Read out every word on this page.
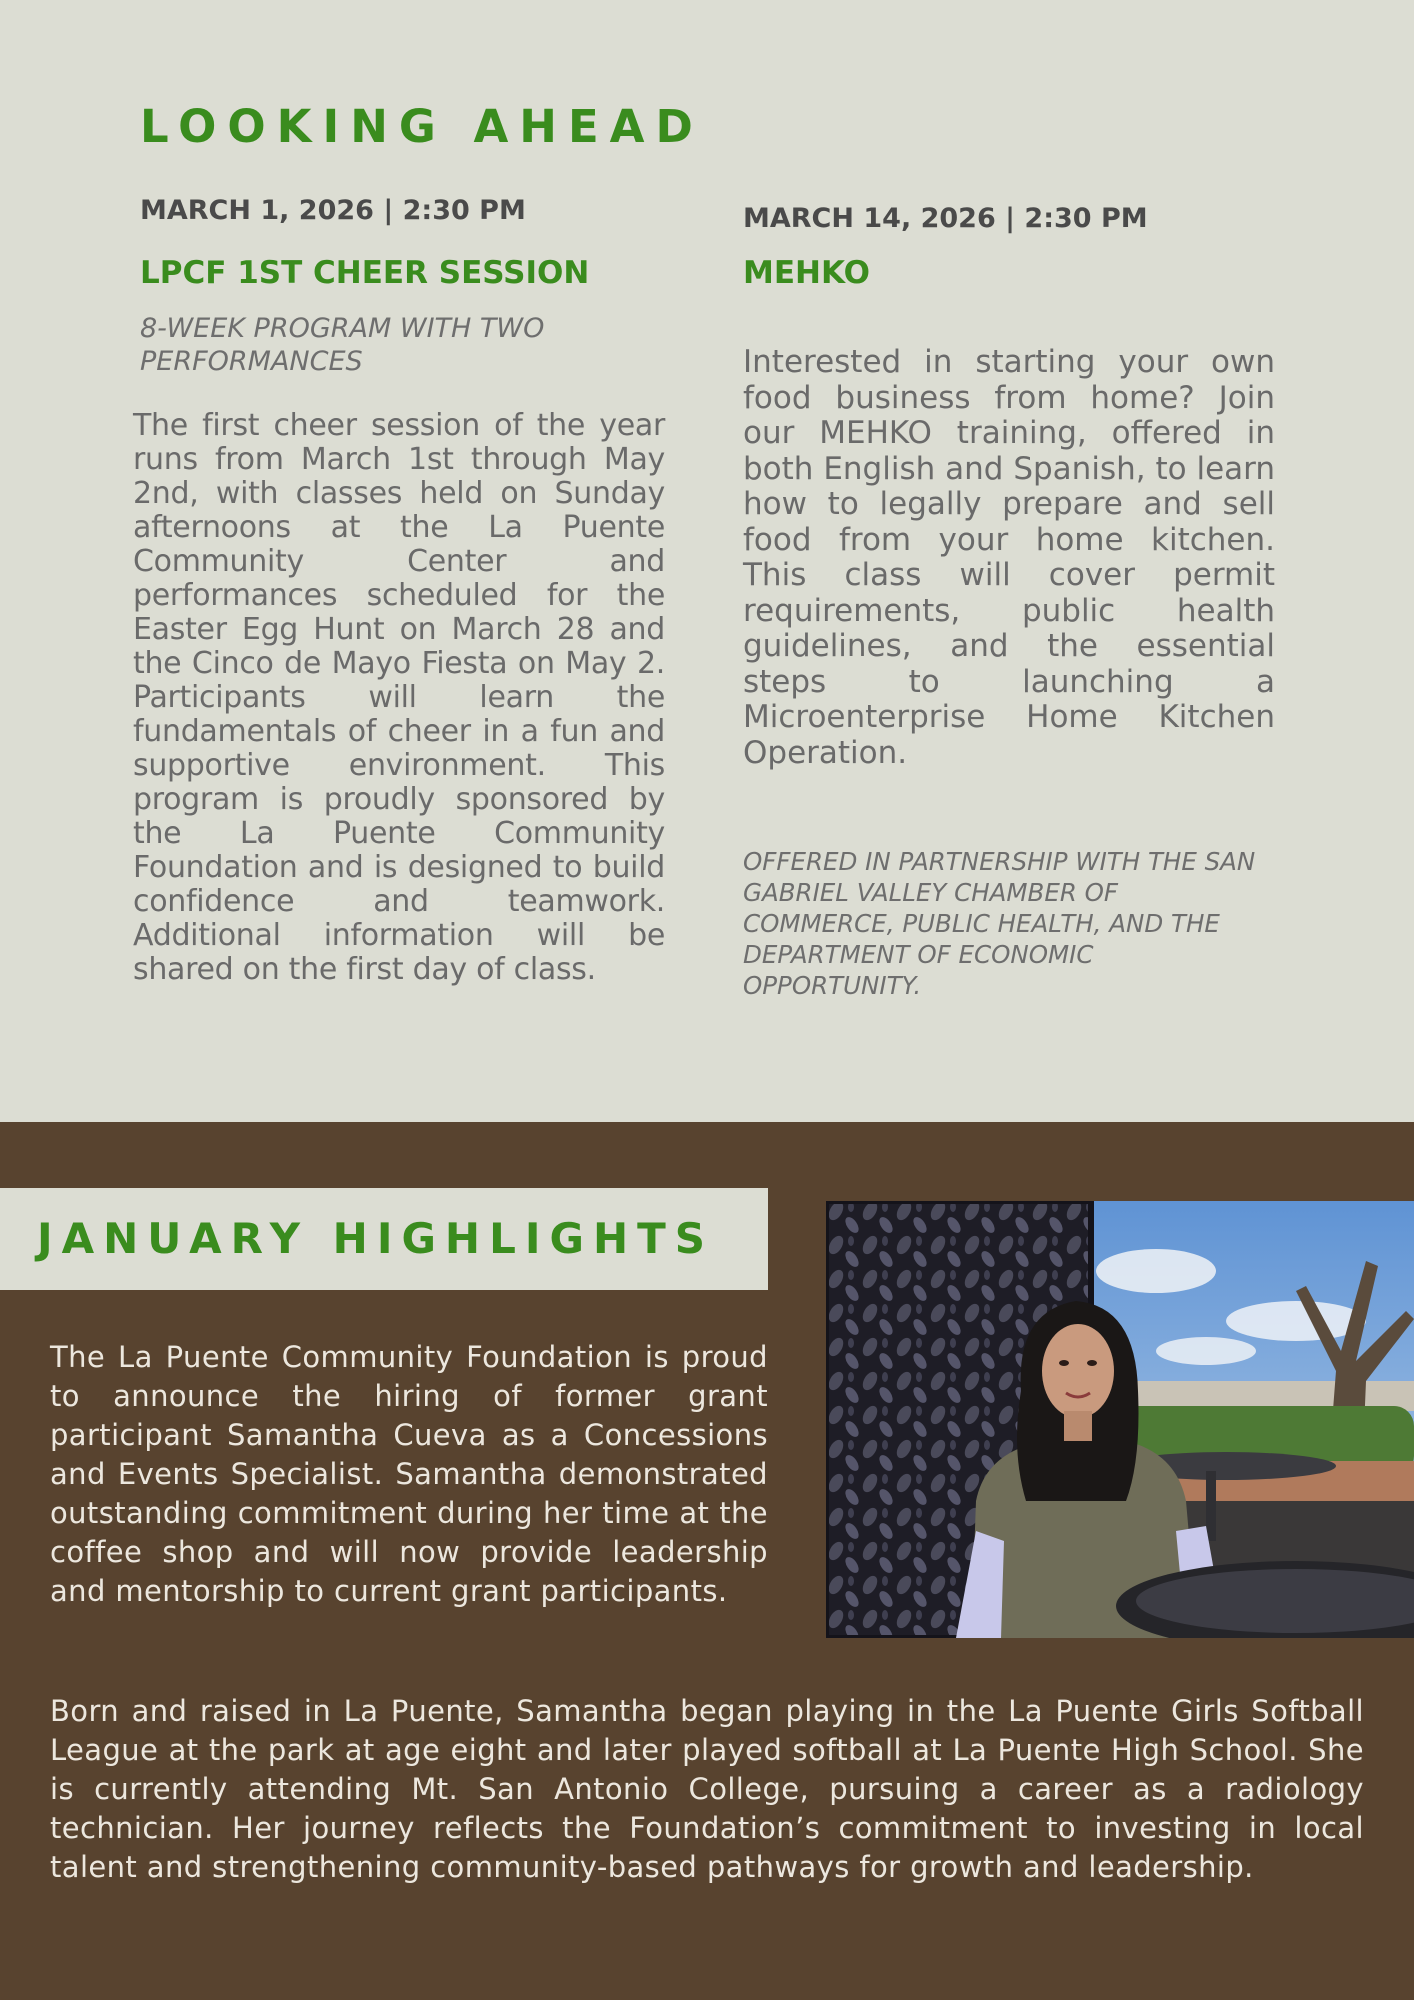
LOOKING AHEAD
MARCH 1, 2026 | 2:30 PM
LPCF 1ST CHEER SESSION
8-WEEK PROGRAM WITH TWO PERFORMANCES

The first cheer session of the year runs from March 1st through May 2nd, with classes held on Sunday afternoons at the La Puente Community Center and performances scheduled for the Easter Egg Hunt on March 28 and the Cinco de Mayo Fiesta on May 2. Participants will learn the fundamentals of cheer in a fun and supportive environment. This program is proudly sponsored by the La Puente Community Foundation and is designed to build confidence and teamwork. Additional information will be shared on the first day of class.

MARCH 14, 2026 | 2:30 PM
MEHKO

Interested in starting your own food business from home? Join our MEHKO training, offered in both English and Spanish, to learn how to legally prepare and sell food from your home kitchen. This class will cover permit requirements, public health guidelines, and the essential steps to launching a Microenterprise Home Kitchen Operation.

OFFERED IN PARTNERSHIP WITH THE SAN GABRIEL VALLEY CHAMBER OF COMMERCE, PUBLIC HEALTH, AND THE DEPARTMENT OF ECONOMIC OPPORTUNITY.

JANUARY HIGHLIGHTS

The La Puente Community Foundation is proud to announce the hiring of former grant participant Samantha Cueva as a Concessions and Events Specialist. Samantha demonstrated outstanding commitment during her time at the coffee shop and will now provide leadership and mentorship to current grant participants.

Born and raised in La Puente, Samantha began playing in the La Puente Girls Softball League at the park at age eight and later played softball at La Puente High School. She is currently attending Mt. San Antonio College, pursuing a career as a radiology technician. Her journey reflects the Foundation’s commitment to investing in local talent and strengthening community-based pathways for growth and leadership.
